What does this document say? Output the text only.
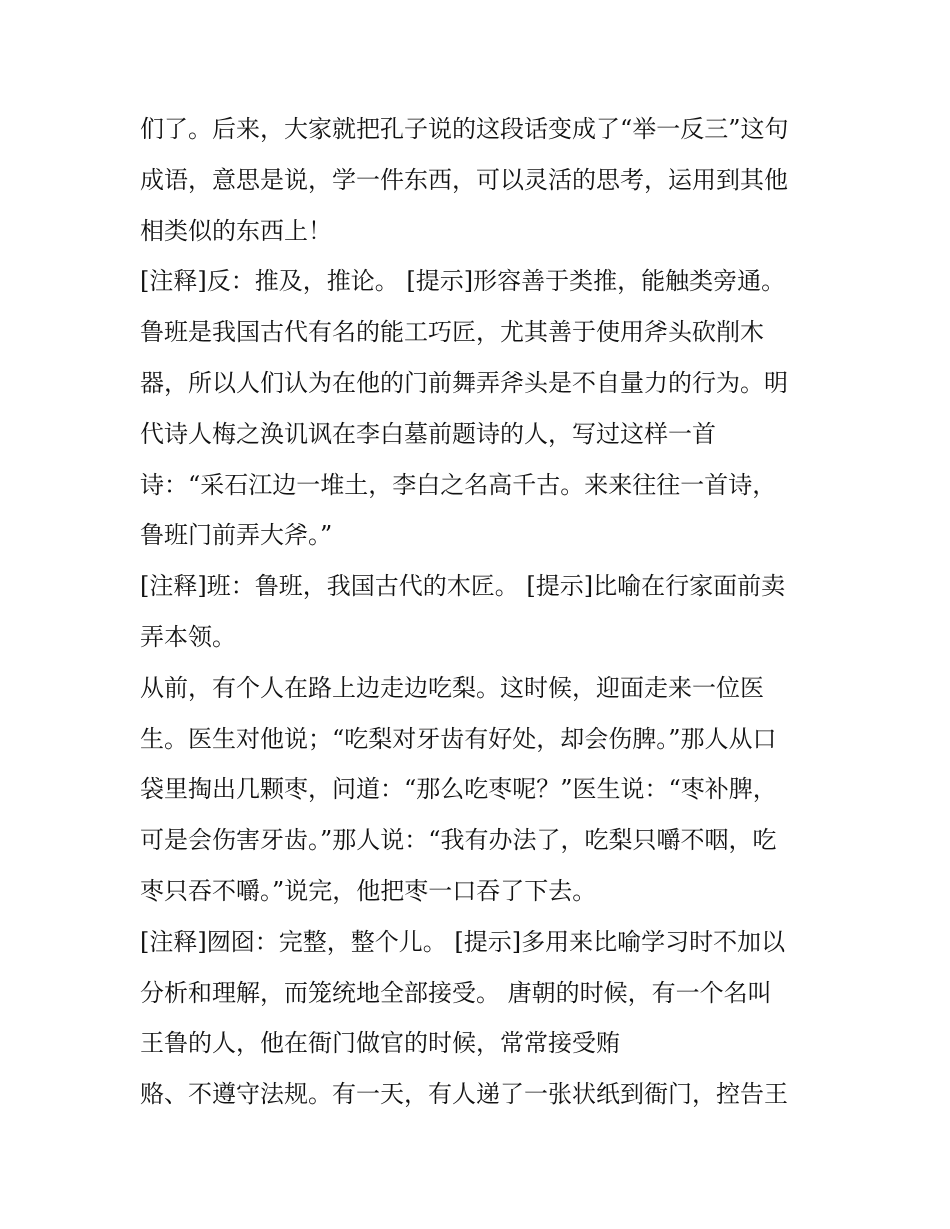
们了。后来，大家就把孔子说的这段话变成了“举一反三”这句
成语，意思是说，学一件东西，可以灵活的思考，运用到其他
相类似的东西上！
[注释]反：推及，推论。 [提示]形容善于类推，能触类旁通。
鲁班是我国古代有名的能工巧匠，尤其善于使用斧头砍削木
器，所以人们认为在他的门前舞弄斧头是不自量力的行为。明
代诗人梅之涣讥讽在李白墓前题诗的人，写过这样一首
诗：“采石江边一堆土，李白之名高千古。来来往往一首诗，
鲁班门前弄大斧。”
[注释]班：鲁班，我国古代的木匠。 [提示]比喻在行家面前卖
弄本领。
从前，有个人在路上边走边吃梨。这时候，迎面走来一位医
生。医生对他说；“吃梨对牙齿有好处，却会伤脾。”那人从口
袋里掏出几颗枣，问道：“那么吃枣呢？”医生说：“枣补脾，
可是会伤害牙齿。”那人说：“我有办法了，吃梨只嚼不咽，吃
枣只吞不嚼。”说完，他把枣一口吞了下去。
[注释]囫囵：完整，整个儿。 [提示]多用来比喻学习时不加以
分析和理解，而笼统地全部接受。 唐朝的时候，有一个名叫
王鲁的人，他在衙门做官的时候，常常接受贿
赂、不遵守法规。有一天，有人递了一张状纸到衙门，控告王
